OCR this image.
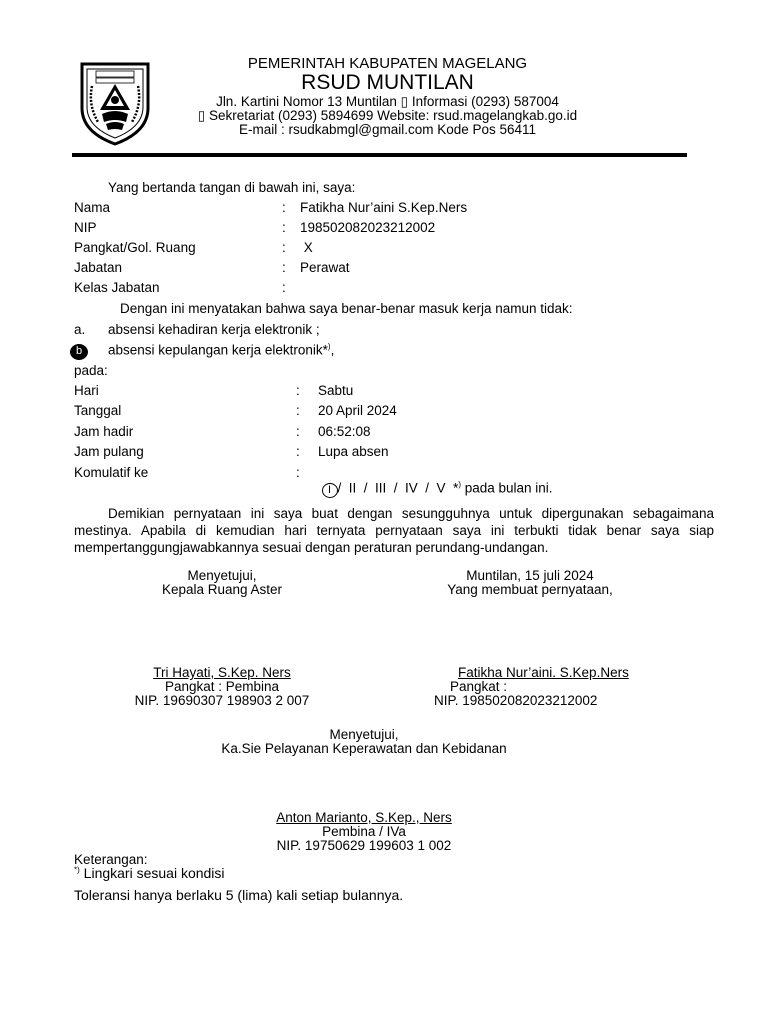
PEMERINTAH KABUPATEN MAGELANG
RSUD MUNTILAN
Jln. Kartini Nomor 13 Muntilan ▯ Informasi (0293) 587004
▯ Sekretariat (0293) 5894699 Website: rsud.magelangkab.go.id
E-mail : rsudkabmgl@gmail.com Kode Pos 56411
Yang bertanda tangan di bawah ini, saya:
Nama	: Fatikha Nur’aini S.Kep.Ners
NIP	: 198502082023212002
Pangkat/Gol. Ruang	: X
Jabatan	: Perawat
Kelas Jabatan	:
Dengan ini menyatakan bahwa saya benar-benar masuk kerja namun tidak:
a. absensi kehadiran kerja elektronik ;
b	absensi kepulangan kerja elektronik*),
pada:
Hari	: Sabtu
Tanggal	: 20 April 2024
Jam hadir	: 06:52:08
Jam pulang	: Lupa absen
Komulatif ke	:

I /  II  /  III  /  IV  /  V  *) pada bulan ini.

Demikian pernyataan ini saya buat dengan sesungguhnya untuk dipergunakan sebagaimana mestinya. Apabila di kemudian hari ternyata pernyataan saya ini terbukti tidak benar saya siap mempertanggungjawabkannya sesuai dengan peraturan perundang-undangan.
Menyetujui,
Kepala Ruang Aster
Tri Hayati, S.Kep. Ners
Pangkat : Pembina
NIP. 19690307 198903 2 007
Muntilan, 15 juli 2024
Yang membuat pernyataan,
Fatikha Nur’aini. S.Kep.Ners
Pangkat :
NIP. 198502082023212002
Menyetujui,
Ka.Sie Pelayanan Keperawatan dan Kebidanan
Anton Marianto, S.Kep., Ners
Pembina / IVa
NIP. 19750629 199603 1 002
Keterangan:
*) Lingkari sesuai kondisi
Toleransi hanya berlaku 5 (lima) kali setiap bulannya.
